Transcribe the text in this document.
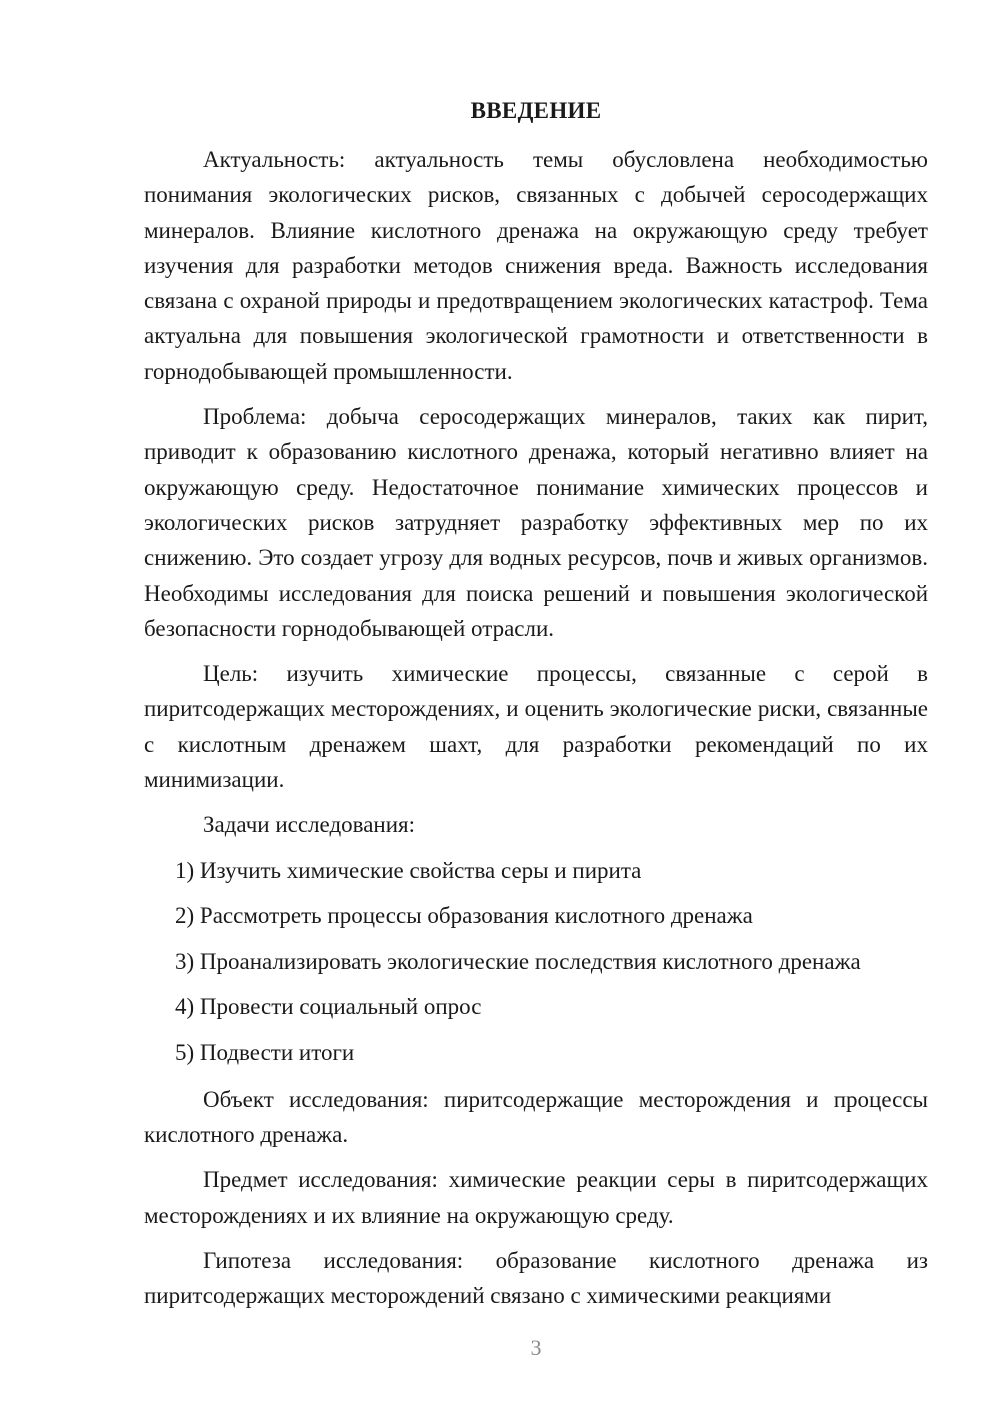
ВВЕДЕНИЕ

Актуальность: актуальность темы обусловлена необходимостью понимания экологических рисков, связанных с добычей серосодержащих минералов. Влияние кислотного дренажа на окружающую среду требует изучения для разработки методов снижения вреда. Важность исследования связана с охраной природы и предотвращением экологических катастроф. Тема актуальна для повышения экологической грамотности и ответственности в горнодобывающей промышленности.

Проблема: добыча серосодержащих минералов, таких как пирит, приводит к образованию кислотного дренажа, который негативно влияет на окружающую среду. Недостаточное понимание химических процессов и экологических рисков затрудняет разработку эффективных мер по их снижению. Это создает угрозу для водных ресурсов, почв и живых организмов. Необходимы исследования для поиска решений и повышения экологической безопасности горнодобывающей отрасли.

Цель: изучить химические процессы, связанные с серой в пиритсодержащих месторождениях, и оценить экологические риски, связанные с кислотным дренажем шахт, для разработки рекомендаций по их минимизации.

Задачи исследования:

1) Изучить химические свойства серы и пирита
2) Рассмотреть процессы образования кислотного дренажа
3) Проанализировать экологические последствия кислотного дренажа
4) Провести социальный опрос
5) Подвести итоги

Объект исследования: пиритсодержащие месторождения и процессы кислотного дренажа.

Предмет исследования: химические реакции серы в пиритсодержащих месторождениях и их влияние на окружающую среду.

Гипотеза исследования: образование кислотного дренажа из пиритсодержащих месторождений связано с химическими реакциями

3
